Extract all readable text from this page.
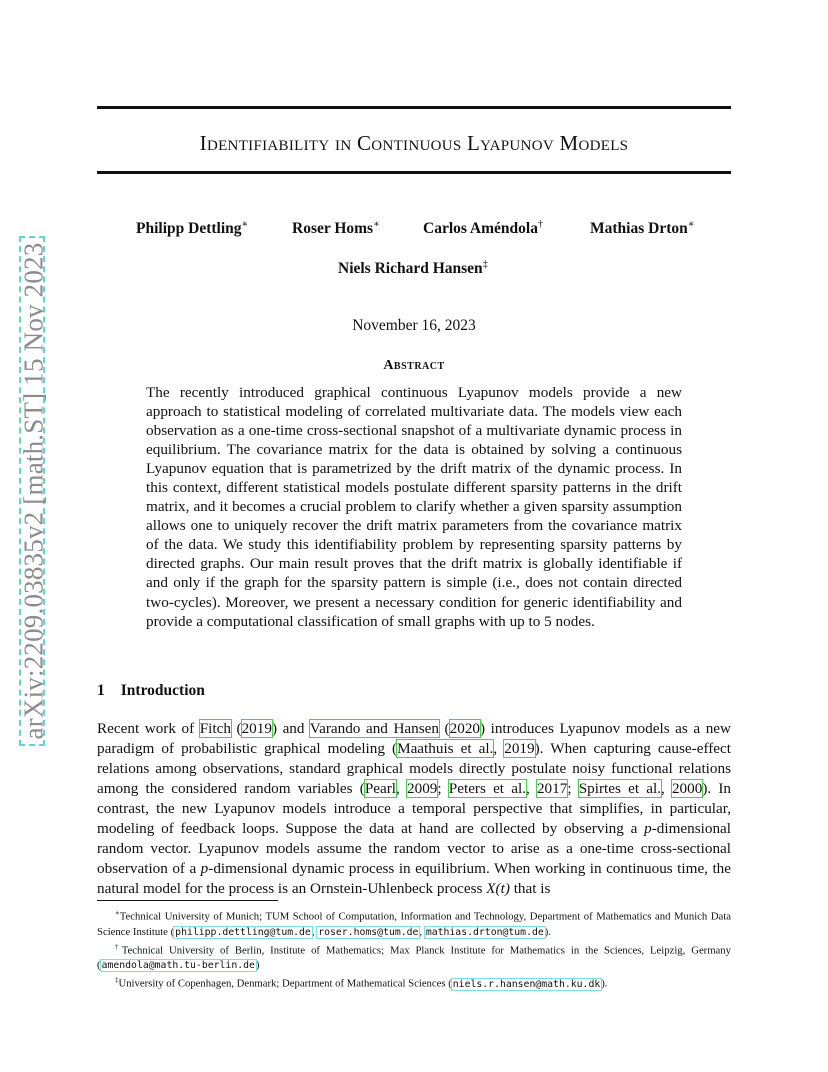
arXiv:2209.03835v2 [math.ST] 15 Nov 2023
Identifiability in Continuous Lyapunov Models
Philipp Dettling∗	Roser Homs∗	Carlos Améndola†	Mathias Drton∗
Niels Richard Hansen‡
November 16, 2023
Abstract

The recently introduced graphical continuous Lyapunov models provide a new approach to statistical modeling of correlated multivariate data. The models view each observation as a one-time cross-sectional snapshot of a multivariate dynamic process in equilibrium. The covariance matrix for the data is obtained by solving a continuous Lyapunov equation that is parametrized by the drift matrix of the dynamic process. In this context, different statistical models postulate different sparsity patterns in the drift matrix, and it becomes a crucial problem to clarify whether a given sparsity assumption allows one to uniquely recover the drift matrix parameters from the covariance matrix of the data. We study this identifiability problem by representing sparsity patterns by directed graphs. Our main result proves that the drift matrix is globally identifiable if and only if the graph for the sparsity pattern is simple (i.e., does not contain directed two-cycles). Moreover, we present a necessary condition for generic identifiability and provide a computational classification of small graphs with up to 5 nodes.

1 Introduction

Recent work of Fitch (2019) and Varando and Hansen (2020) introduces Lyapunov models as a new paradigm of probabilistic graphical modeling (Maathuis et al., 2019). When capturing cause-effect relations among observations, standard graphical models directly postulate noisy functional relations among the considered random variables (Pearl, 2009; Peters et al., 2017; Spirtes et al., 2000). In contrast, the new Lyapunov models introduce a temporal perspective that simplifies, in particular, modeling of feedback loops. Suppose the data at hand are collected by observing a p-dimensional random vector. Lyapunov models assume the random vector to arise as a one-time cross-sectional observation of a p-dimensional dynamic process in equilibrium. When working in continuous time, the natural model for the process is an Ornstein-Uhlenbeck process X(t) that is

∗Technical University of Munich; TUM School of Computation, Information and Technology, Department of Mathematics and Munich Data Science Institute (philipp.dettling@tum.de, roser.homs@tum.de, mathias.drton@tum.de).

†Technical University of Berlin, Institute of Mathematics; Max Planck Institute for Mathematics in the Sciences, Leipzig, Germany (amendola@math.tu-berlin.de)

‡University of Copenhagen, Denmark; Department of Mathematical Sciences (niels.r.hansen@math.ku.dk).
